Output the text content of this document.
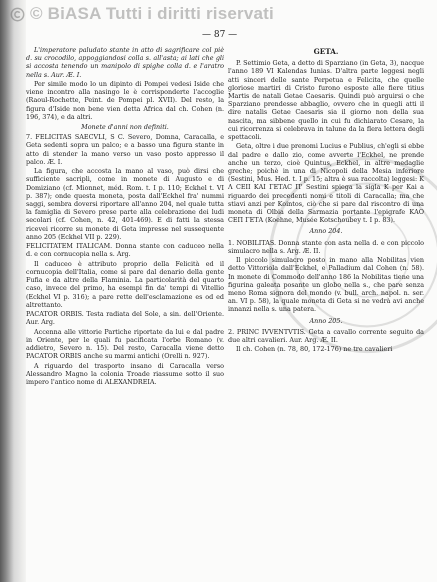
© BiASA Tutti i diritti riservati
— 87 —

L'imperatore paludato stante in atto di sagrificare col piè d. su crocodilo, appoggiandosi colla s. all'asta; ai lati che gli si accosta tenendo un manipolo di spighe colla d. e l'aratro nella s. Aur. Æ. I.

Per simile modo lo un dipinto di Pompei vedesi Iside che viene incontro alla nasingo le è corrisponderte l'accoglie (Raoul-Rochette, Peint. de Pompei pl. XVII). Del resto, la figura d'Iside non bene vien detta Africa dal ch. Cohen (n. 196, 374), e da altri.

Monete d'anni non definiti.

7. FELICITAS SAECVLI, S C. Severo, Domna, Caracalla, e Geta sedenti sopra un palco; e a basso una figura stante in atto di stender la mano verso un vaso posto appresso il palco. Æ. I.

La figura, che accosta la mano al vaso, può dirsi che sufficiente sacripli, come in monete di Augusto e di Domiziano (cf. Mionnet, méd. Rom. t. I p. 110; Eckhel t. VI p. 387); onde questa moneta, posta dall'Eckhel fra' nummi saggi, sembra doversi riportare all'anno 204, nel quale tutta la famiglia di Severo prese parte alla celebrazione dei ludi secolari (cf. Cohen, n. 42, 401-469). E di fatti la stessa ricevei ricorre su monete di Geta impresse nel sussequente anno 205 (Eckhel VII p. 229).

FELICITATEM ITALICAM. Donna stante con caduceo nella d. e con cornucopia nella s. Arg.

Il caduceo è attributo proprio della Felicità ed il cornucopia dell'Italia, come si pare dal denario della gente Fufia e da altre della Flaminia. La particolarità del quarto caso, invece del primo, ha esempi fin da' tempi di Vitellio (Eckhel VI p. 316); a pare rette dell'esclamazione es od ed altrettanto.

PACATOR ORBIS. Testa radiata del Sole, a sin. dell'Oriente. Aur. Arg.

Accenna alle vittorie Partiche riportate da lui e dal padre in Oriente, per le quali fu pacificata l'orbe Romano (v. addietro, Severo n. 15). Del resto, Caracalla viene detto PACATOR ORBIS anche su marmi antichi (Orelli n. 927).

A riguardo del trasporto insano di Caracalla verso Alessandro Magno la colonia Troade riassume sotto il suo impero l'antico nome di ALEXANDREIA.

GETA.

P. Settimio Geta, a detto di Sparziano (in Geta, 3), nacque l'anno 189 VI Kalendas Iunias. D'altra parte leggesi negli atti sinceri delle sante Perpetua e Felicita, che quelle gloriose martiri di Cristo furono esposte alle fiere titius Martis de natali Getae Caesaris. Quindi può arguirsi o che Sparziano prendesse abbaglio, ovvero che in quegli atti il dire natalis Getae Caesaris sia il giorno non della sua nascita, ma sibbene quello in cui fu dichiarato Cesare, la cui ricorrenza si celebrava in talune da la flera lettera degli spettacoli.

Geta, oltre i due prenomi Lucius e Publius, ch'egli si ebbe dal padre e dallo zio, come avverte l'Eckhel, ne prende anche un terzo, cioè Quintus, Eckhel, in altre medaglie greche; poichè in una di Nicopoli della Mesia inferiore (Sestini, Mus. Hed. t. I p. 15; altra è sua raccolta) leggesi: K Λ CEII ΚΑΙ ΓΕΤΑC Π' Sestini spiega la sigla K per Kai a riguardo dei precedenti nomi e titoli di Caracalla; ma che stiavi anzi per Kointos, ciò che si pare dal riscontro di una moneta di Olbia della Sarmazia portante l'epigrafe ΚΑΟ CEΠ ΓΕΤΑ (Koehne, Musée Kotschoubey t. I p. 83).

Anno 204.

1. NOBILITAS. Donna stante con asta nella d. e con piccolo simulacro nella s. Arg. Æ. II.

Il piccolo simulacro posto in mano alla Nobilitas vien detto Vittoriola dall'Eckhel, e Palladium dal Cohen (n. 58). In monete di Commodo dell'anno 186 la Nobilitas tiene una figurina galeata posante un globo nella s., che pare senza meno Roma signora del mondo (v. bull. arch. napol. n. ser. an. VI p. 58), la quale moneta di Geta si ne vedrà avi anche innanzi nella s. una patera.

Anno 205.

2. PRINC IVVENTVTIS. Geta a cavallo corrente seguito da due altri cavalieri. Aur. Arg. Æ. II.

Il ch. Cohen (n. 78, 80, 172-176) ne tre cavalieri
